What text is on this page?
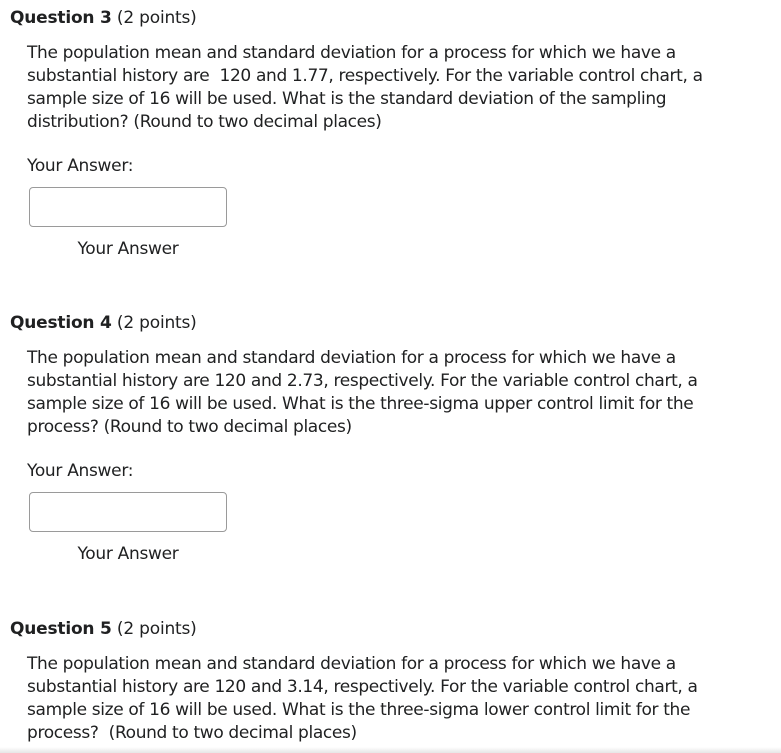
Question 3 (2 points)
The population mean and standard deviation for a process for which we have a
substantial history are  120 and 1.77, respectively. For the variable control chart, a
sample size of 16 will be used. What is the standard deviation of the sampling
distribution? (Round to two decimal places)
Your Answer:
Your Answer
Question 4 (2 points)
The population mean and standard deviation for a process for which we have a
substantial history are 120 and 2.73, respectively. For the variable control chart, a
sample size of 16 will be used. What is the three-sigma upper control limit for the
process? (Round to two decimal places)
Your Answer:
Your Answer
Question 5 (2 points)
The population mean and standard deviation for a process for which we have a
substantial history are 120 and 3.14, respectively. For the variable control chart, a
sample size of 16 will be used. What is the three-sigma lower control limit for the
process?  (Round to two decimal places)
